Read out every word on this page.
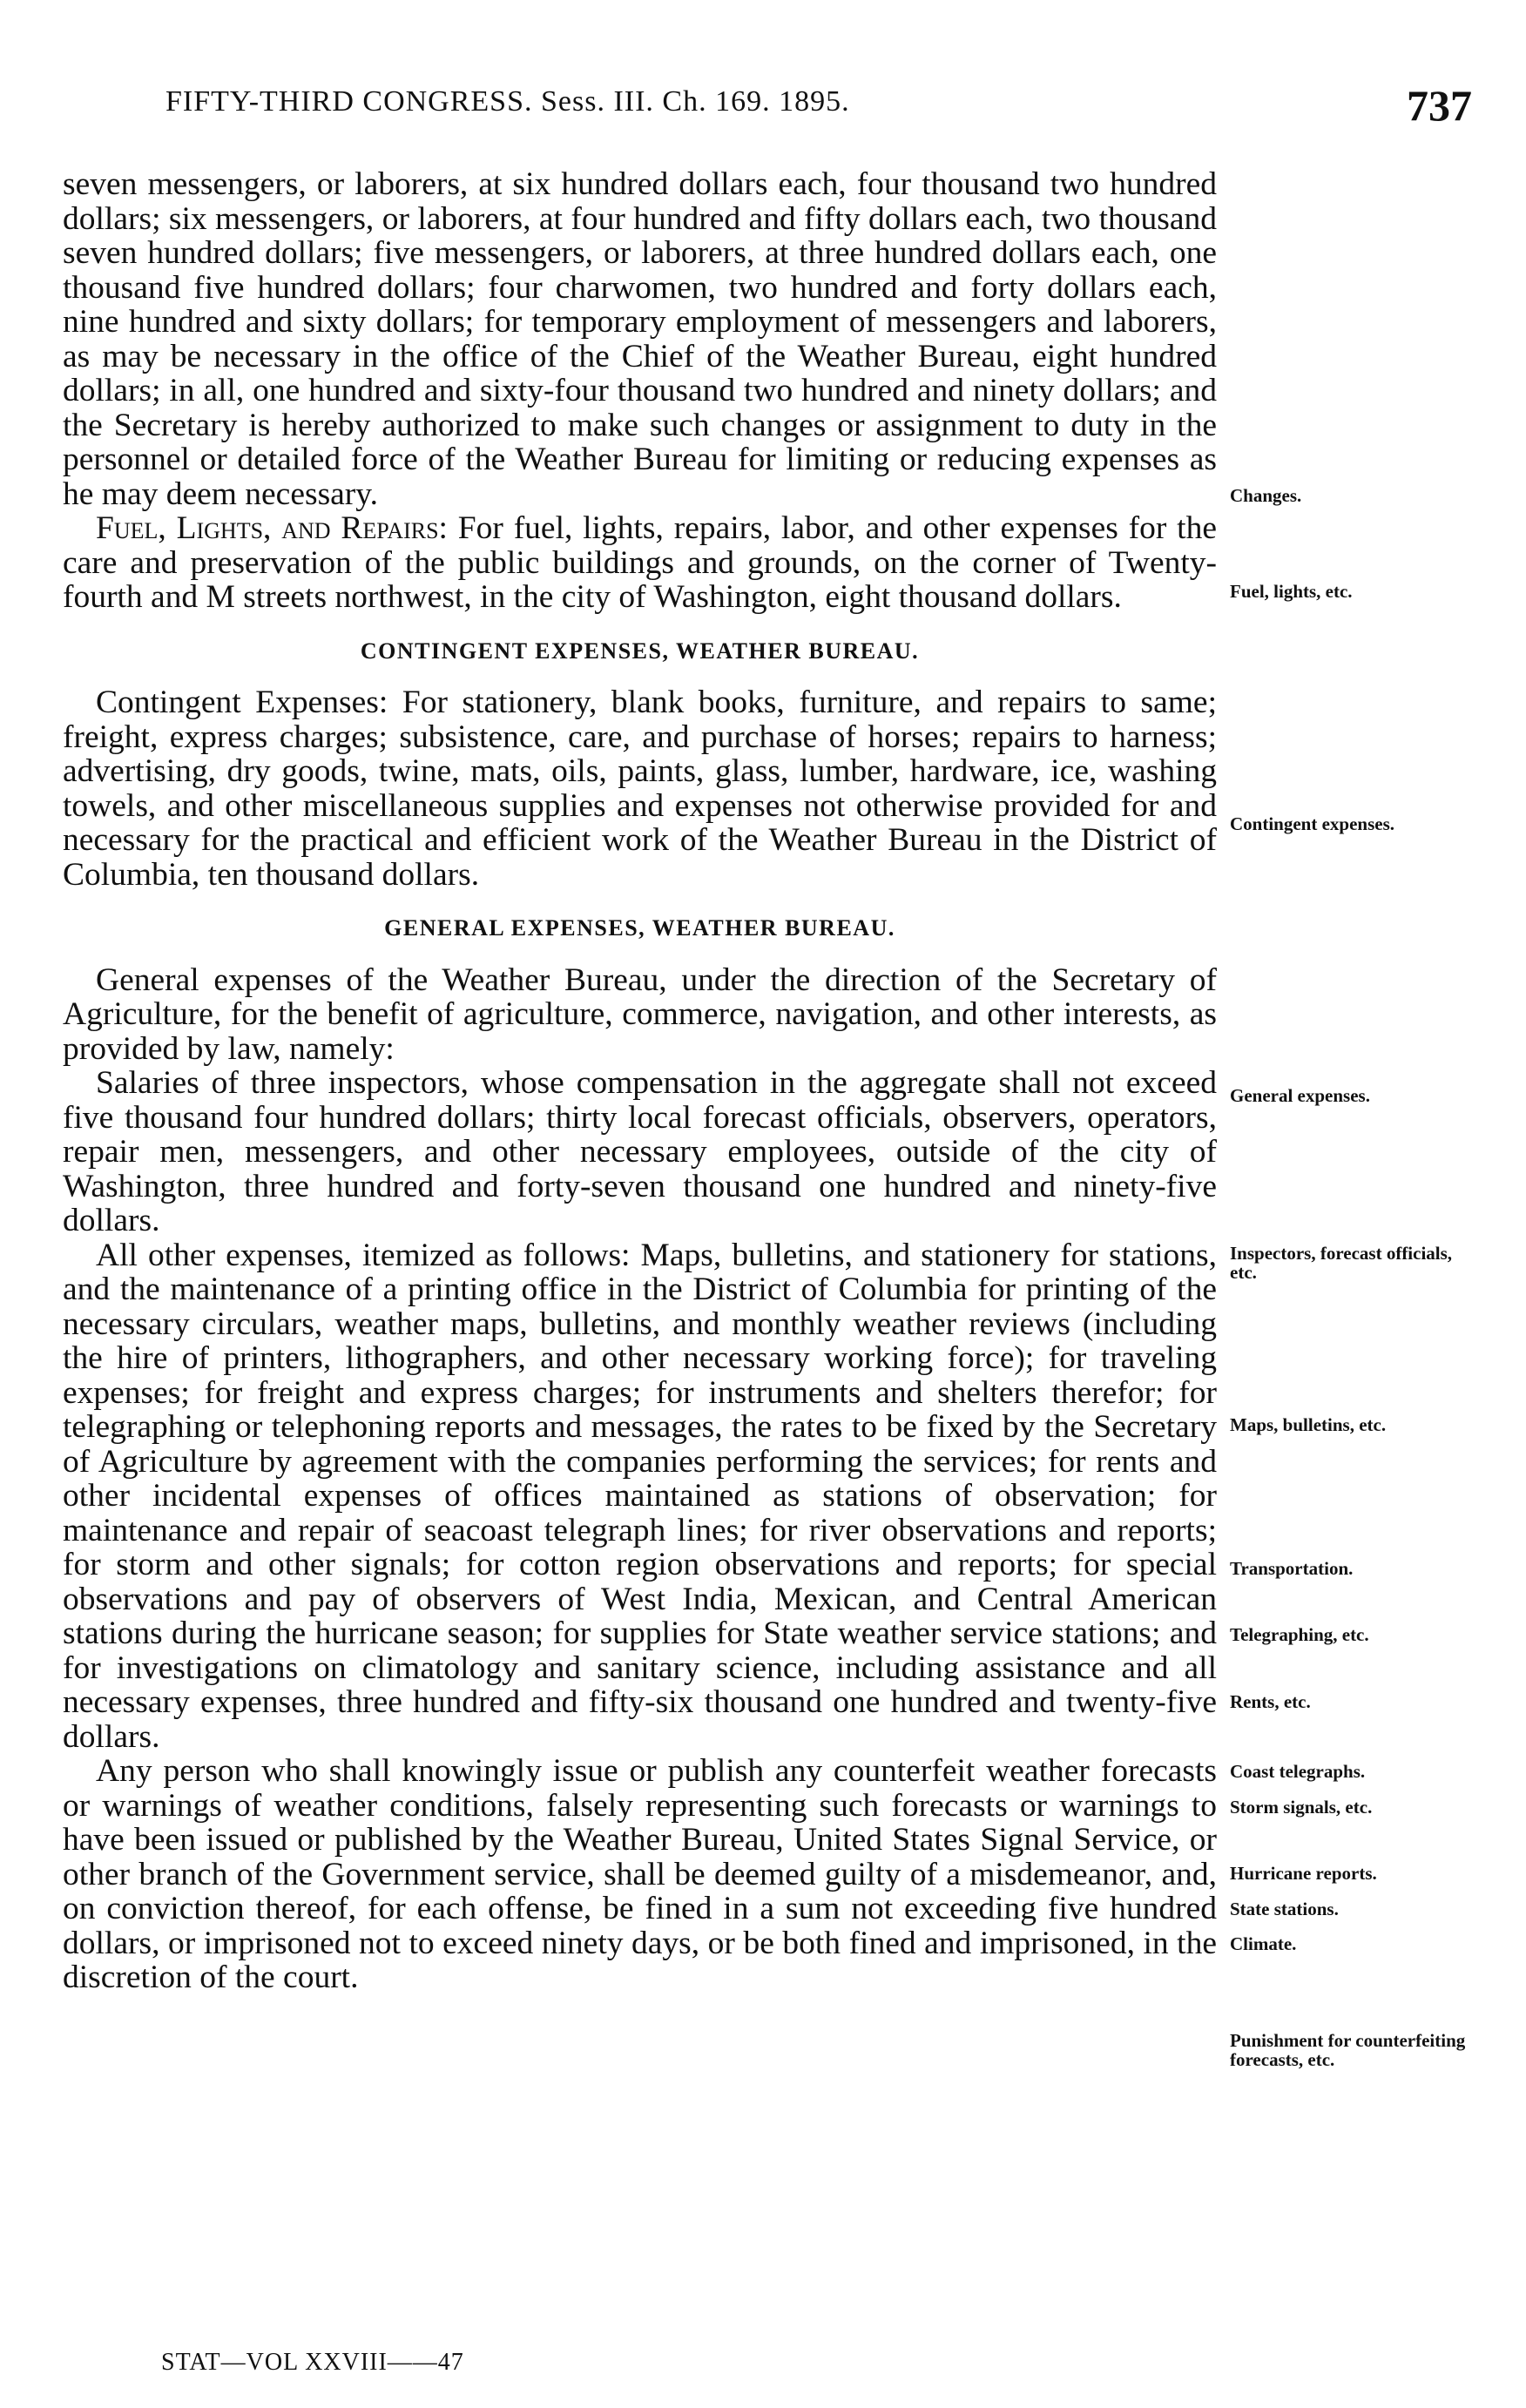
FIFTY-THIRD CONGRESS. Sess. III. Ch. 169. 1895.	737

seven messengers, or laborers, at six hundred dollars each, four thousand two hundred dollars; six messengers, or laborers, at four hundred and fifty dollars each, two thousand seven hundred dollars; five messengers, or laborers, at three hundred dollars each, one thousand five hundred dollars; four charwomen, two hundred and forty dollars each, nine hundred and sixty dollars; for temporary employment of messengers and laborers, as may be necessary in the office of the Chief of the Weather Bureau, eight hundred dollars; in all, one hundred and sixty-four thousand two hundred and ninety dollars; and the Secretary is hereby authorized to make such changes or assignment to duty in the personnel or detailed force of the Weather Bureau for limiting or reducing expenses as he may deem necessary.

Fuel, Lights, and Repairs: For fuel, lights, repairs, labor, and other expenses for the care and preservation of the public buildings and grounds, on the corner of Twenty-fourth and M streets northwest, in the city of Washington, eight thousand dollars.

CONTINGENT EXPENSES, WEATHER BUREAU.

Contingent Expenses: For stationery, blank books, furniture, and repairs to same; freight, express charges; subsistence, care, and purchase of horses; repairs to harness; advertising, dry goods, twine, mats, oils, paints, glass, lumber, hardware, ice, washing towels, and other miscellaneous supplies and expenses not otherwise provided for and necessary for the practical and efficient work of the Weather Bureau in the District of Columbia, ten thousand dollars.

GENERAL EXPENSES, WEATHER BUREAU.

General expenses of the Weather Bureau, under the direction of the Secretary of Agriculture, for the benefit of agriculture, commerce, navigation, and other interests, as provided by law, namely:

Salaries of three inspectors, whose compensation in the aggregate shall not exceed five thousand four hundred dollars; thirty local forecast officials, observers, operators, repair men, messengers, and other necessary employees, outside of the city of Washington, three hundred and forty-seven thousand one hundred and ninety-five dollars.

All other expenses, itemized as follows: Maps, bulletins, and stationery for stations, and the maintenance of a printing office in the District of Columbia for printing of the necessary circulars, weather maps, bulletins, and monthly weather reviews (including the hire of printers, lithographers, and other necessary working force); for traveling expenses; for freight and express charges; for instruments and shelters therefor; for telegraphing or telephoning reports and messages, the rates to be fixed by the Secretary of Agriculture by agreement with the companies performing the services; for rents and other incidental expenses of offices maintained as stations of observation; for maintenance and repair of seacoast telegraph lines; for river observations and reports; for storm and other signals; for cotton region observations and reports; for special observations and pay of observers of West India, Mexican, and Central American stations during the hurricane season; for supplies for State weather service stations; and for investigations on climatology and sanitary science, including assistance and all necessary expenses, three hundred and fifty-six thousand one hundred and twenty-five dollars.

Any person who shall knowingly issue or publish any counterfeit weather forecasts or warnings of weather conditions, falsely representing such forecasts or warnings to have been issued or published by the Weather Bureau, United States Signal Service, or other branch of the Government service, shall be deemed guilty of a misdemeanor, and, on conviction thereof, for each offense, be fined in a sum not exceeding five hundred dollars, or imprisoned not to exceed ninety days, or be both fined and imprisoned, in the discretion of the court.

Changes.
Fuel, lights, etc.
Contingent expenses.
General expenses.
Inspectors, forecast officials, etc.
Maps, bulletins, etc.
Transportation.
Telegraphing, etc.
Rents, etc.
Coast telegraphs.
Storm signals, etc.
Hurricane reports.
State stations.
Climate.
Punishment for counterfeiting forecasts, etc.
STAT—VOL XXVIII——47
